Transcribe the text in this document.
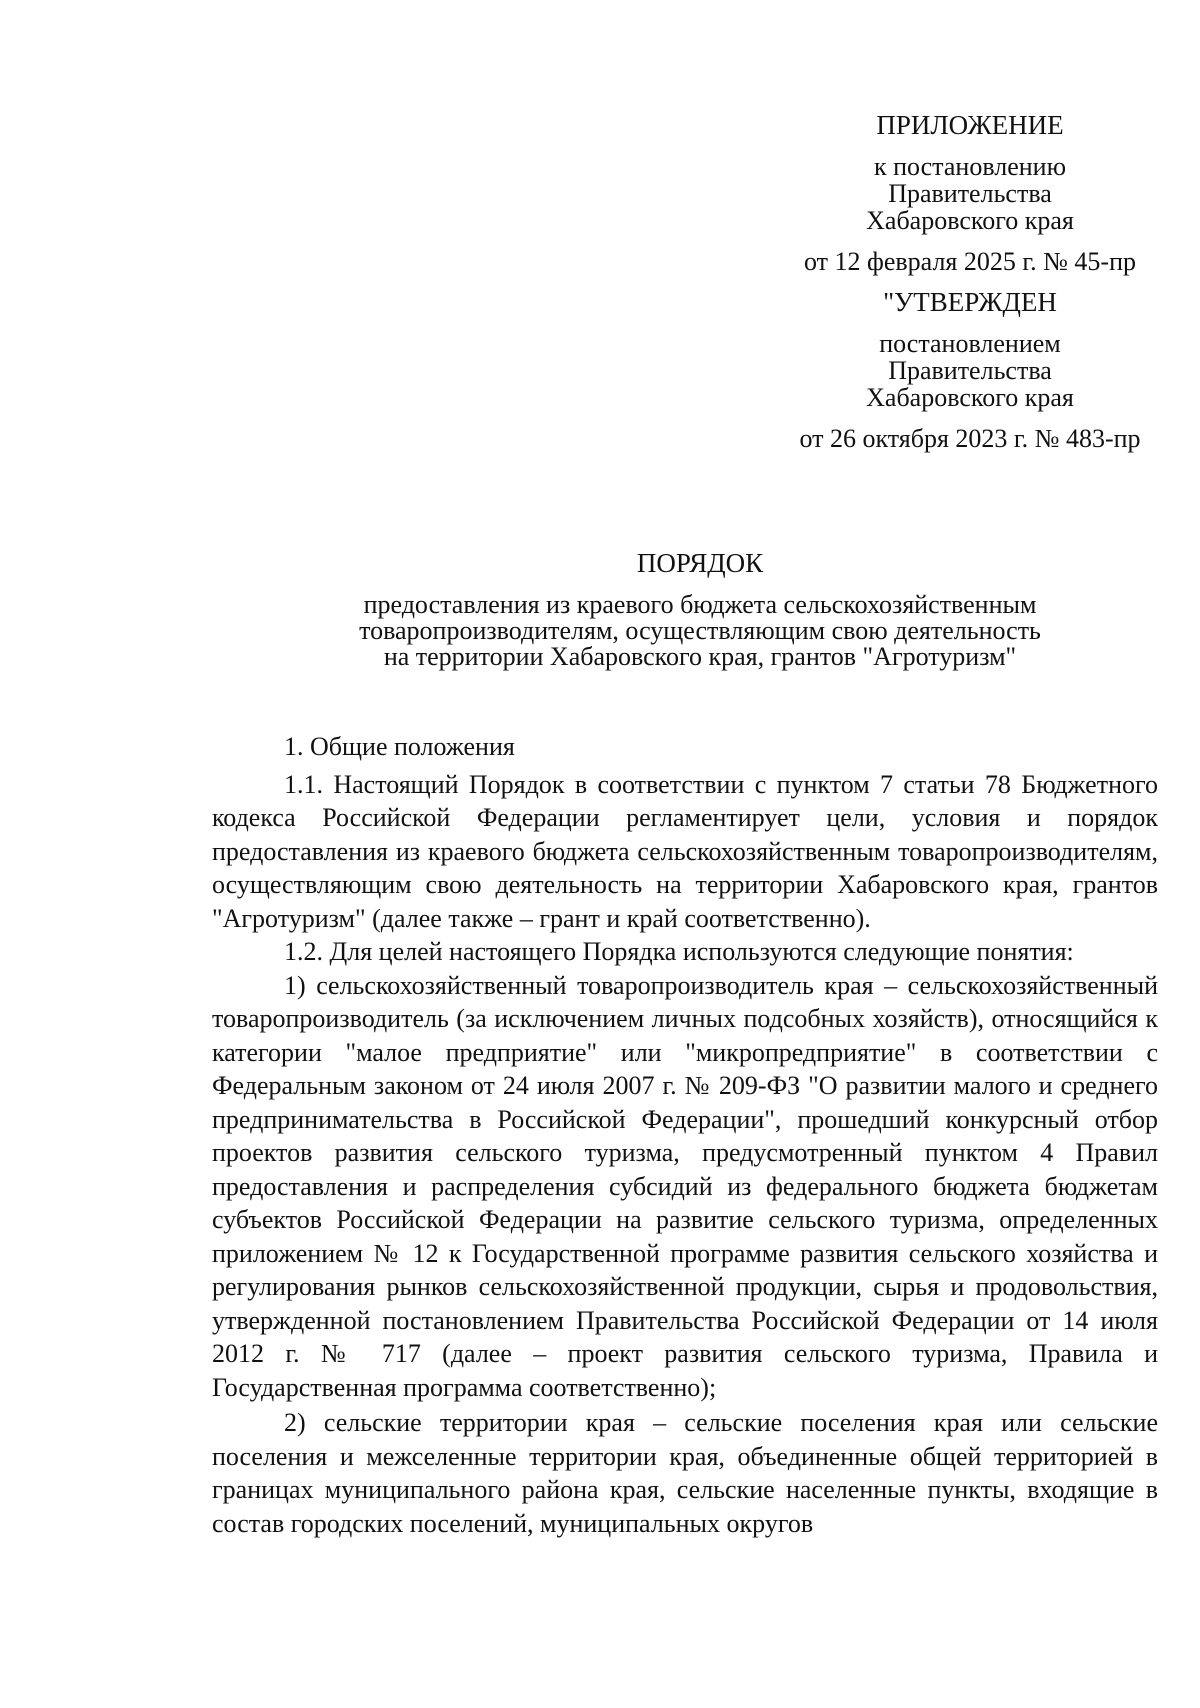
ПРИЛОЖЕНИЕ
к постановлению
Правительства
Хабаровского края
от 12 февраля 2025 г. № 45-пр
"УТВЕРЖДЕН
постановлением
Правительства
Хабаровского края
от 26 октября 2023 г. № 483-пр
ПОРЯДОК
предоставления из краевого бюджета сельскохозяйственным
товаропроизводителям, осуществляющим свою деятельность
на территории Хабаровского края, грантов "Агротуризм"

1. Общие положения

1.1. Настоящий Порядок в соответствии с пунктом 7 статьи 78 Бюджетного кодекса Российской Федерации регламентирует цели, условия и порядок предоставления из краевого бюджета сельскохозяйственным товаропроизводителям, осуществляющим свою деятельность на территории Хабаровского края, грантов "Агротуризм" (далее также – грант и край соответственно).

1.2. Для целей настоящего Порядка используются следующие понятия:

1) сельскохозяйственный товаропроизводитель края – сельскохозяйственный товаропроизводитель (за исключением личных подсобных хозяйств), относящийся к категории "малое предприятие" или "микропредприятие" в соответствии с Федеральным законом от 24 июля 2007 г. № 209-ФЗ "О развитии малого и среднего предпринимательства в Российской Федерации", прошедший конкурсный отбор проектов развития сельского туризма, предусмотренный пунктом 4 Правил предоставления и распределения субсидий из федерального бюджета бюджетам субъектов Российской Федерации на развитие сельского туризма, определенных приложением № 12 к Государственной программе развития сельского хозяйства и регулирования рынков сельскохозяйственной продукции, сырья и продовольствия, утвержденной постановлением Правительства Российской Федерации от 14 июля 2012 г. № 717 (далее – проект развития сельского туризма, Правила и Государственная программа соответственно);

2) сельские территории края – сельские поселения края или сельские поселения и межселенные территории края, объединенные общей территорией в границах муниципального района края, сельские населенные пункты, входящие в состав городских поселений, муниципальных округов
